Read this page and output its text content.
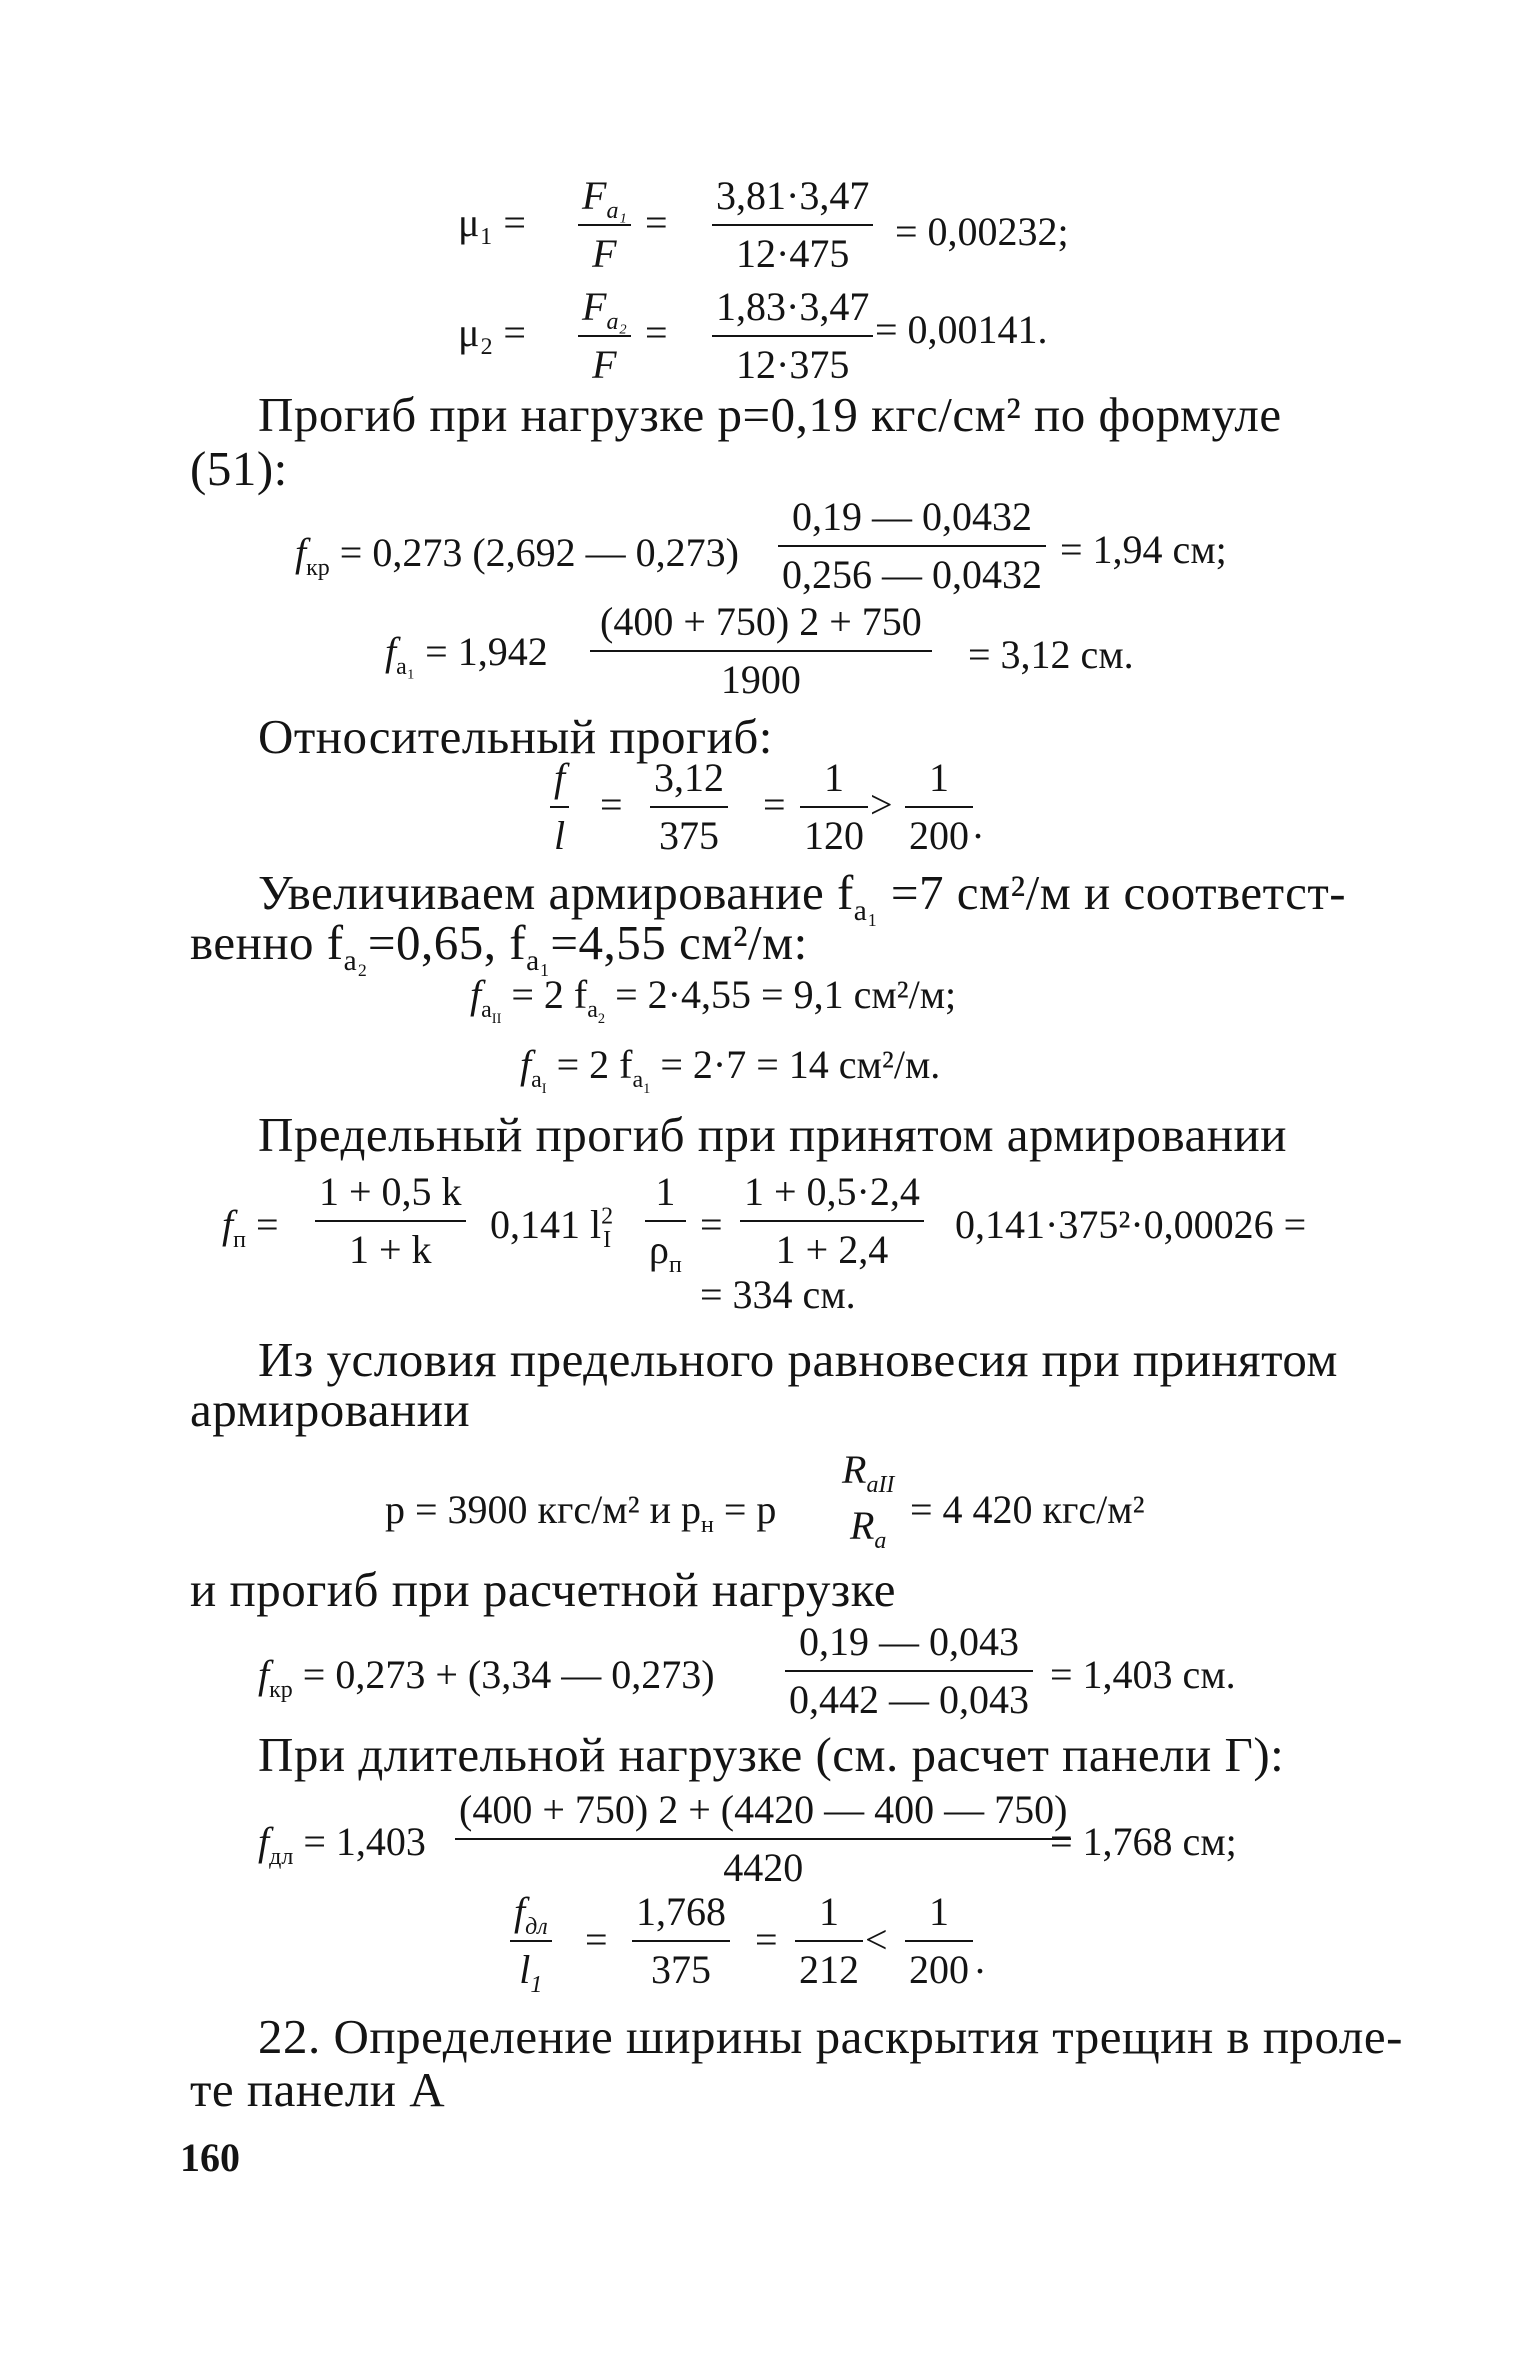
$\mu_1 = \frac{F_{a_1}}{F} = \frac{3,81\cdot 3,47}{12\cdot 475} = 0,00232$;
$\mu_2 = \frac{F_{a_2}}{F} = \frac{1,83\cdot 3,47}{12\cdot 375} = 0,00141$.
Прогиб при нагрузке p=0,19 кгс/см² по формуле
(51):
$f_{кр} = 0,273$ (2,692 — $0,273) \frac{0,19 — 0,0432}{0,256 — 0,0432} = 1,94$ см;
$f_{a_1} = 1,942 \frac{(400 + 750) 2 + 750}{1900} = 3,12$ см.
Относительный прогиб:
$\frac{f}{l} = \frac{3,12}{375} = \frac{1}{120} > \frac{1}{200}$ .
Увеличиваем армирование $f_{a_1} =7$ см²/м и соответст-
венно $f_{a_2}=0,65$, $f_{a_1}=4,55$ см²/м:
$f_{a_{II}} = 2$ $f_{a_2} = 2\cdot 4,55 = 9,1$ см²/м;
$f_{a_I} = 2$ $f_{a_1} = 2\cdot 7 = 14$ см²/м.
Предельный прогиб при принятом армировании
$f_п = \frac{1 + 0,5 k}{1 + k} 0,141$ $l^2_I$
1
$\rho_п$
= $\frac{1 + 0,5\cdot 2,4}{1 + 2,4} 0,141\cdot 375^2\cdot 0,00026$ =
= 334 см.
Из условия предельного равновесия при принятом
армировании
p = 3900 кгс/м² и $p_н = p$
$R_{aII}$
$R_a$
= 4 420 кгс/м²
и прогиб при расчетной нагрузке
$f_{кр} = 0,273 + (3,34$ — $0,273) \frac{0,19 — 0,043}{0,442 — 0,043} = 1,403$ см.
При длительной нагрузке (см. расчет панели Г):
$f_{дл} = 1,403 \frac{(400 + 750) 2 + (4420 — 400 — 750)}{4420}$
= 1,768 см;
$f_{дл}$
$l_1$
= $\frac{1,768}{375} = \frac{1}{212} < \frac{1}{200}$ .
22. Определение ширины раскрытия трещин в проле-
те панели А
160
